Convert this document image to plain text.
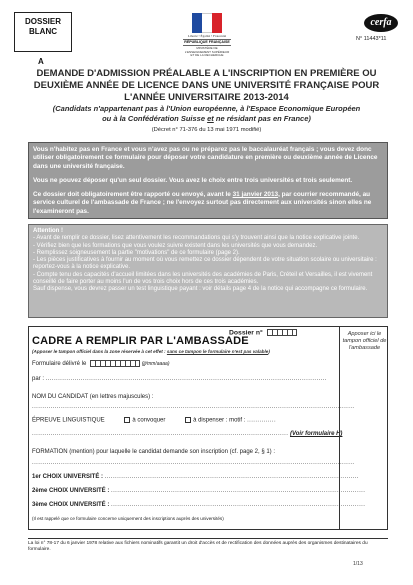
DOSSIER
BLANC
A
Liberté • Égalité • Fraternité
RÉPUBLIQUE FRANÇAISE
MINISTÈRE DE L'ENSEIGNEMENT SUPÉRIEUR ET DE LA RECHERCHE
cerfa
N° 11443*11
DEMANDE D'ADMISSION PRÉALABLE A L'INSCRIPTION EN PREMIÈRE OU
DEUXIÈME ANNÉE DE LICENCE DANS UNE UNIVERSITÉ FRANÇAISE POUR
L'ANNÉE UNIVERSITAIRE 2013-2014
(Candidats n'appartenant pas à l'Union européenne, à l'Espace Economique Européen
ou à la Confédération Suisse et ne résidant pas en France)
(Décret n° 71-376 du 13 mai 1971 modifié)

Vous n'habitez pas en France et vous n'avez pas ou ne préparez pas le baccalauréat français ; vous devez donc utiliser obligatoirement ce formulaire pour déposer votre candidature en première ou deuxième année de Licence dans une université française.

Vous ne pouvez déposer qu'un seul dossier. Vous avez le choix entre trois universités et trois seulement.

Ce dossier doit obligatoirement être rapporté ou envoyé, avant le 31 janvier 2013, par courrier recommandé, au service culturel de l'ambassade de France ; ne l'envoyez surtout pas directement aux universités sinon elles ne l'examineront pas.

Attention !
- Avant de remplir ce dossier, lisez attentivement les recommandations qui s'y trouvent ainsi que la notice explicative jointe.
- Vérifiez bien que les formations que vous voulez suivre existent dans les universités que vous demandez.
- Remplissez soigneusement la partie "motivations" de ce formulaire (page 2).
- Les pièces justificatives à fournir au moment où vous remettez ce dossier dépendent de votre situation scolaire ou universitaire : reportez-vous à la notice explicative.
- Compte tenu des capacités d'accueil limitées dans les universités des académies de Paris, Créteil et Versailles, il est vivement conseillé de faire porter au moins l'un de vos trois choix hors de ces trois académies.
Sauf dispense, vous devrez passer un test linguistique payant : voir détails page 4 de la notice qui accompagne ce formulaire.
Dossier n°
CADRE A REMPLIR PAR L'AMBASSADE
(Apposer le tampon officiel dans la zone réservée à cet effet : sans ce tampon le formulaire n'est pas valable)
Formulaire délivré le	(jj/mm/aaaa)
par : ........................................................................................................................................
NOM DU CANDIDAT (en lettres majuscules) :
............................................................................................................................................................
ÉPREUVE LINGUISTIQUE	à convoquer	à dispenser : motif : ..............
............................................................................................................................ (Voir formulaire H)
FORMATION (mention) pour laquelle le candidat demande son inscription (cf. page 2, § 1) :
............................................................................................................................................................
1er CHOIX UNIVERSITÉ : ...........................................................................................................................
2ème CHOIX UNIVERSITÉ : ...........................................................................................................................
3ème CHOIX UNIVERSITÉ : ...........................................................................................................................
(Il est rappelé que ce formulaire concerne uniquement des inscriptions auprès des universités)
Apposer ici le tampon officiel de l'ambassade
La loi n° 78-17 du 6 janvier 1978 relative aux fichiers nominatifs garantit un droit d'accès et de rectification des données auprès des organismes destinataires du formulaire.
1/13
